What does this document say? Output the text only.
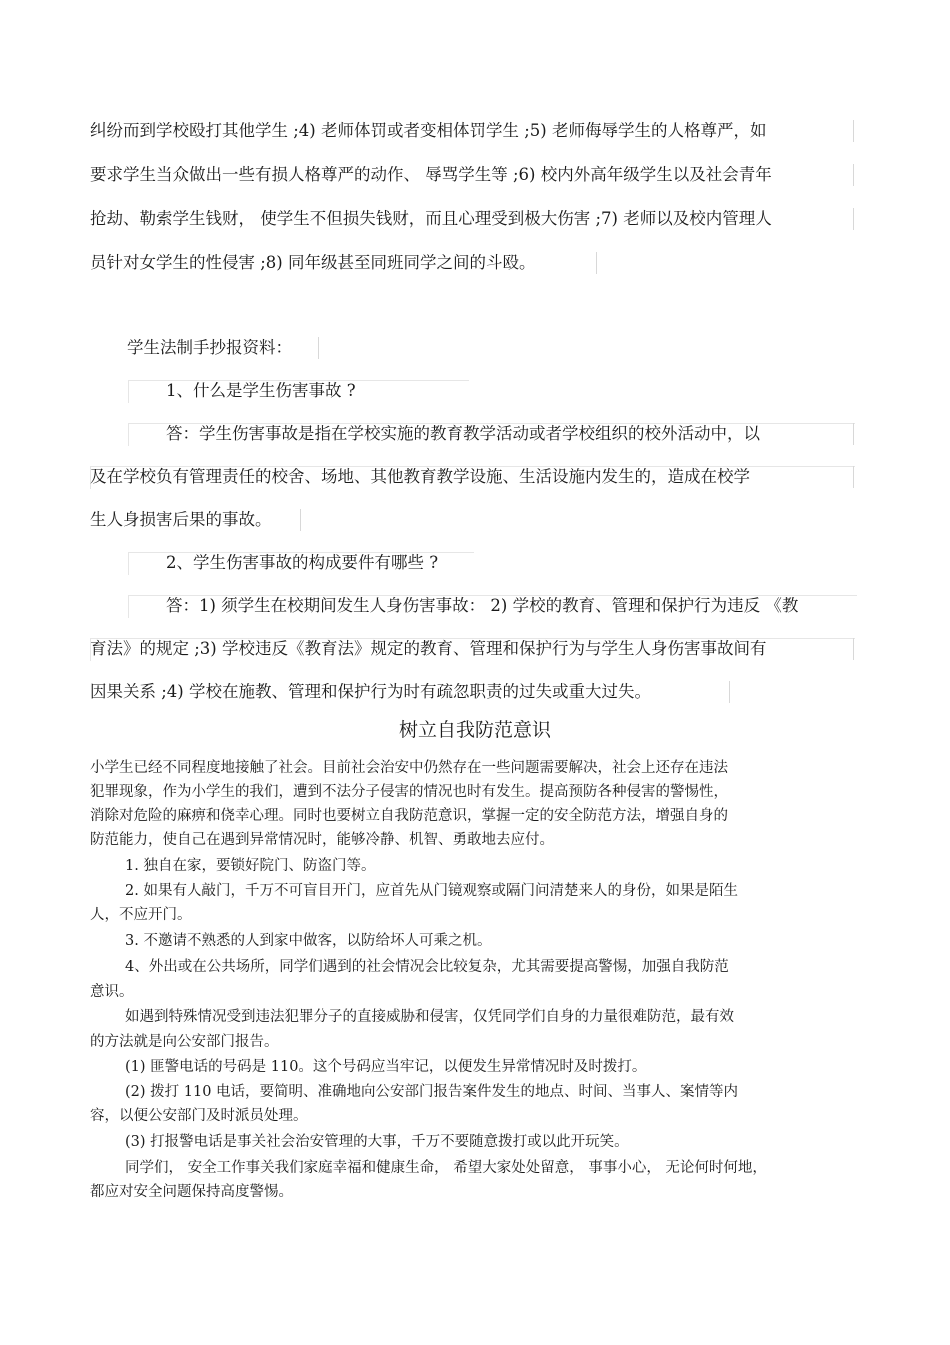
纠纷而到学校殴打其他学生 ;4) 老师体罚或者变相体罚学生 ;5) 老师侮辱学生的人格尊严，如
要求学生当众做出一些有损人格尊严的动作、 辱骂学生等 ;6) 校内外高年级学生以及社会青年
抢劫、勒索学生钱财， 使学生不但损失钱财，而且心理受到极大伤害 ;7) 老师以及校内管理人
员针对女学生的性侵害 ;8) 同年级甚至同班同学之间的斗殴。
学生法制手抄报资料：
1、什么是学生伤害事故 ?
答：学生伤害事故是指在学校实施的教育教学活动或者学校组织的校外活动中，以
及在学校负有管理责任的校舍、场地、其他教育教学设施、生活设施内发生的，造成在校学
生人身损害后果的事故。
2、学生伤害事故的构成要件有哪些 ?
答：1) 须学生在校期间发生人身伤害事故： 2) 学校的教育、管理和保护行为违反 《教
育法》的规定 ;3) 学校违反《教育法》规定的教育、管理和保护行为与学生人身伤害事故间有
因果关系 ;4) 学校在施教、管理和保护行为时有疏忽职责的过失或重大过失。
树立自我防范意识
小学生已经不同程度地接触了社会。目前社会治安中仍然存在一些问题需要解决，社会上还存在违法
犯罪现象，作为小学生的我们，遭到不法分子侵害的情况也时有发生。提高预防各种侵害的警惕性，
消除对危险的麻痹和侥幸心理。同时也要树立自我防范意识，掌握一定的安全防范方法，增强自身的
防范能力，使自己在遇到异常情况时，能够冷静、机智、勇敢地去应付。
1. 独自在家，要锁好院门、防盗门等。
2. 如果有人敲门，千万不可盲目开门，应首先从门镜观察或隔门问清楚来人的身份，如果是陌生
人，不应开门。
3. 不邀请不熟悉的人到家中做客，以防给坏人可乘之机。
4、外出或在公共场所，同学们遇到的社会情况会比较复杂，尤其需要提高警惕，加强自我防范
意识。
如遇到特殊情况受到违法犯罪分子的直接威胁和侵害，仅凭同学们自身的力量很难防范，最有效
的方法就是向公安部门报告。
(1) 匪警电话的号码是 110。这个号码应当牢记，以便发生异常情况时及时拨打。
(2) 拨打 110 电话，要简明、准确地向公安部门报告案件发生的地点、时间、当事人、案情等内
容，以便公安部门及时派员处理。
(3) 打报警电话是事关社会治安管理的大事，千万不要随意拨打或以此开玩笑。
同学们， 安全工作事关我们家庭幸福和健康生命， 希望大家处处留意， 事事小心， 无论何时何地，
都应对安全问题保持高度警惕。
